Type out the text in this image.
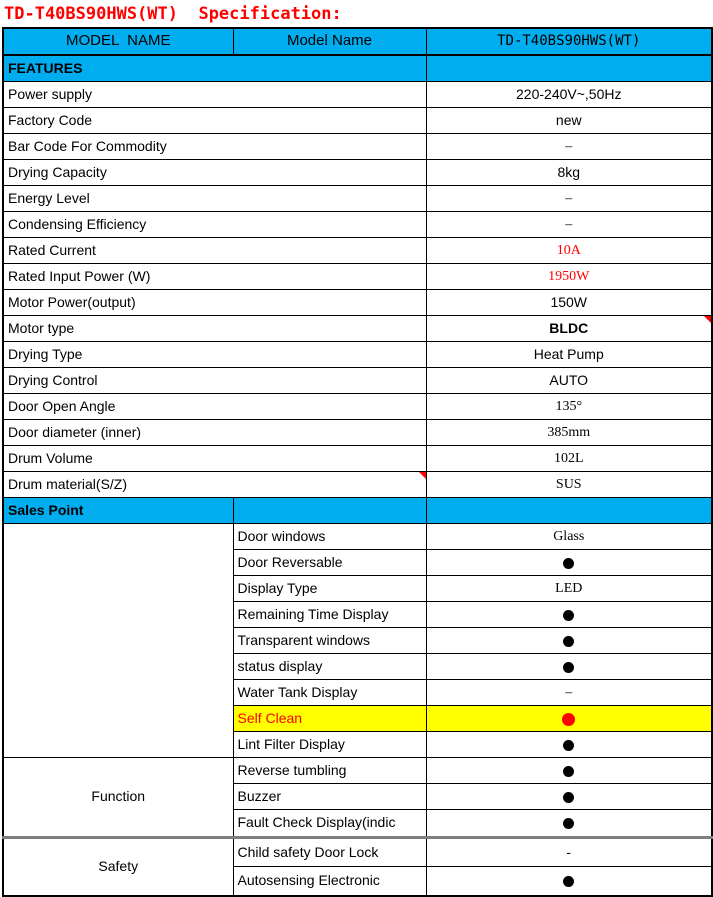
TD-T40BS90HWS(WT)  Specification:
MODEL  NAME	Model Name	TD-T40BS90HWS(WT)
FEATURES		
Power supply		220-240V~,50Hz
Factory Code		new
Bar Code For Commodity		–
Drying Capacity		8kg
Energy Level		–
Condensing Efficiency		–
Rated Current		10A
Rated Input Power (W)		1950W
Motor Power(output)		150W
Motor type		BLDC

Drying Type		Heat Pump
Drying Control		AUTO
Door Open Angle		135°
Door diameter (inner)		385mm
Drum Volume		102L
Drum material(S/Z)		SUS
Sales Point		
	Door windows	Glass
	Door Reversable	
	Display Type	LED
	Remaining Time Display	
	Transparent windows	
	status display	
	Water Tank Display	–
	Self Clean	
	Lint Filter Display	
Function	Reverse tumbling	
	Buzzer	
	Fault Check Display(indic	
Safety	Child safety Door Lock	-
	Autosensing Electronic	
